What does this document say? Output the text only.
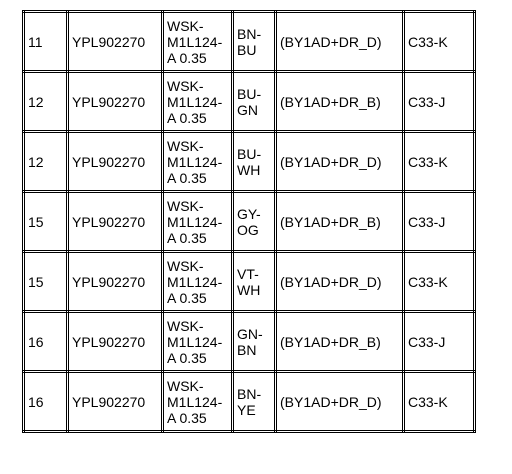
11	YPL902270	WSK-
M1L124-
A 0.35	BN-
BU	(BY1AD+DR_D)	C33-K
12	YPL902270	WSK-
M1L124-
A 0.35	BU-
GN	(BY1AD+DR_B)	C33-J
12	YPL902270	WSK-
M1L124-
A 0.35	BU-
WH	(BY1AD+DR_D)	C33-K
15	YPL902270	WSK-
M1L124-
A 0.35	GY-
OG	(BY1AD+DR_B)	C33-J
15	YPL902270	WSK-
M1L124-
A 0.35	VT-
WH	(BY1AD+DR_D)	C33-K
16	YPL902270	WSK-
M1L124-
A 0.35	GN-
BN	(BY1AD+DR_B)	C33-J
16	YPL902270	WSK-
M1L124-
A 0.35	BN-
YE	(BY1AD+DR_D)	C33-K
